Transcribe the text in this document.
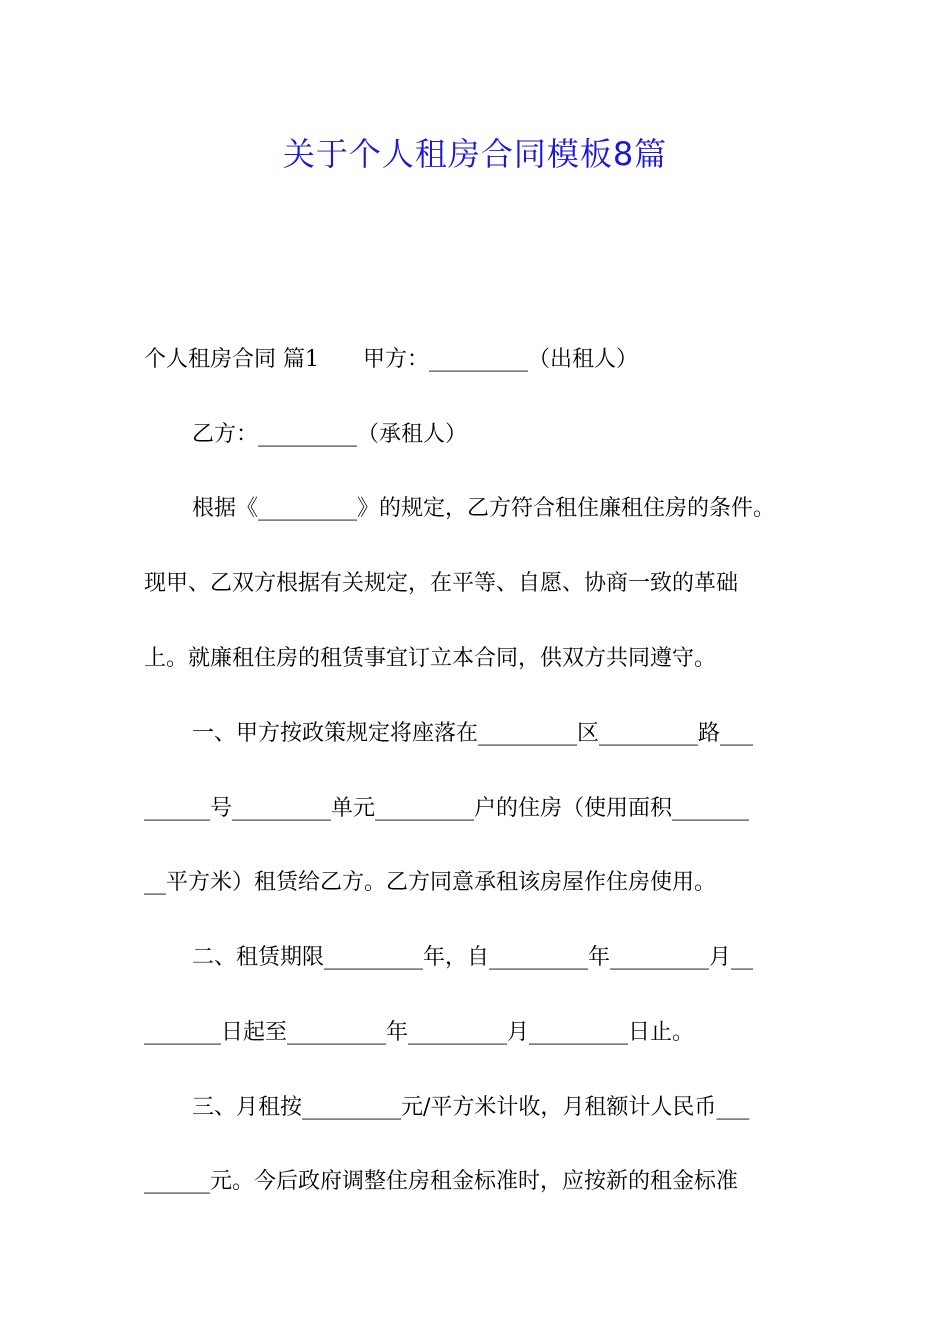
关于个人租房合同模板8篇

个人租房合同 篇1 甲方：_________（出租人）

乙方：_________（承租人）

根据《_________》的规定，乙方符合租住廉租住房的条件。

现甲、乙双方根据有关规定，在平等、自愿、协商一致的革础

上。就廉租住房的租赁事宜订立本合同，供双方共同遵守。

一、甲方按政策规定将座落在_________区_________路___

______号_________单元_________户的住房（使用面积_______

__平方米）租赁给乙方。乙方同意承租该房屋作住房使用。

二、租赁期限_________年，自_________年_________月__

_______日起至_________年_________月_________日止。

三、月租按_________元/平方米计收，月租额计人民币___

______元。今后政府调整住房租金标准时，应按新的租金标准
